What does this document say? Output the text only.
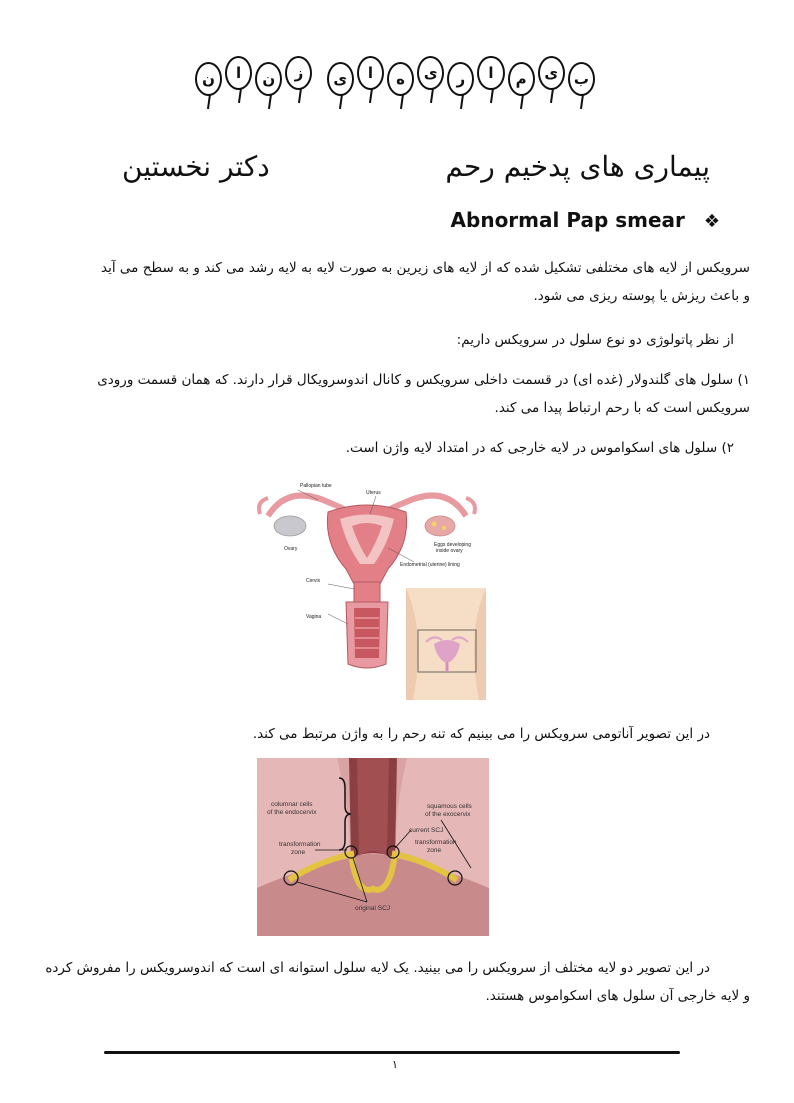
ب
ی
م
ا
ر
ی
ه
ا
ی
ز
ن
ا
ن
پیماری های پدخیم رحم
دکتر نخستین
Abnormal Pap smear ❖
سرویکس از لایه های مختلفی تشکیل شده که از لایه های زیرین به صورت لایه به لایه رشد می کند و به سطح می آید
و باعث ریزش یا پوسته ریزی می شود.
از نظر پاتولوژی دو نوع سلول در سرویکس داریم:
۱) سلول های گلندولار (غده ای) در قسمت داخلی سرویکس و کانال اندوسرویکال قرار دارند. که همان قسمت ورودی
سرویکس است که با رحم ارتباط پیدا می کند.
۲) سلول های اسکواموس در لایه خارجی که در امتداد لایه واژن است.
Pallopian tube
Uterus
Ovary
Eggs developing
inside ovary
Endometrial (uterine) lining
Cervix
Vagina
در این تصویر آناتومی سرویکس را می بینیم که تنه رحم را به واژن مرتبط می کند.
columnar cells
of the endocervix
squamous cells
of the exocervix
current SCJ
transformation
zone
transformation
zone
original SCJ
در این تصویر دو لایه مختلف از سرویکس را می بینید. یک لایه سلول استوانه ای است که اندوسرویکس را مفروش کرده
و لایه خارجی آن سلول های اسکواموس هستند.
۱
